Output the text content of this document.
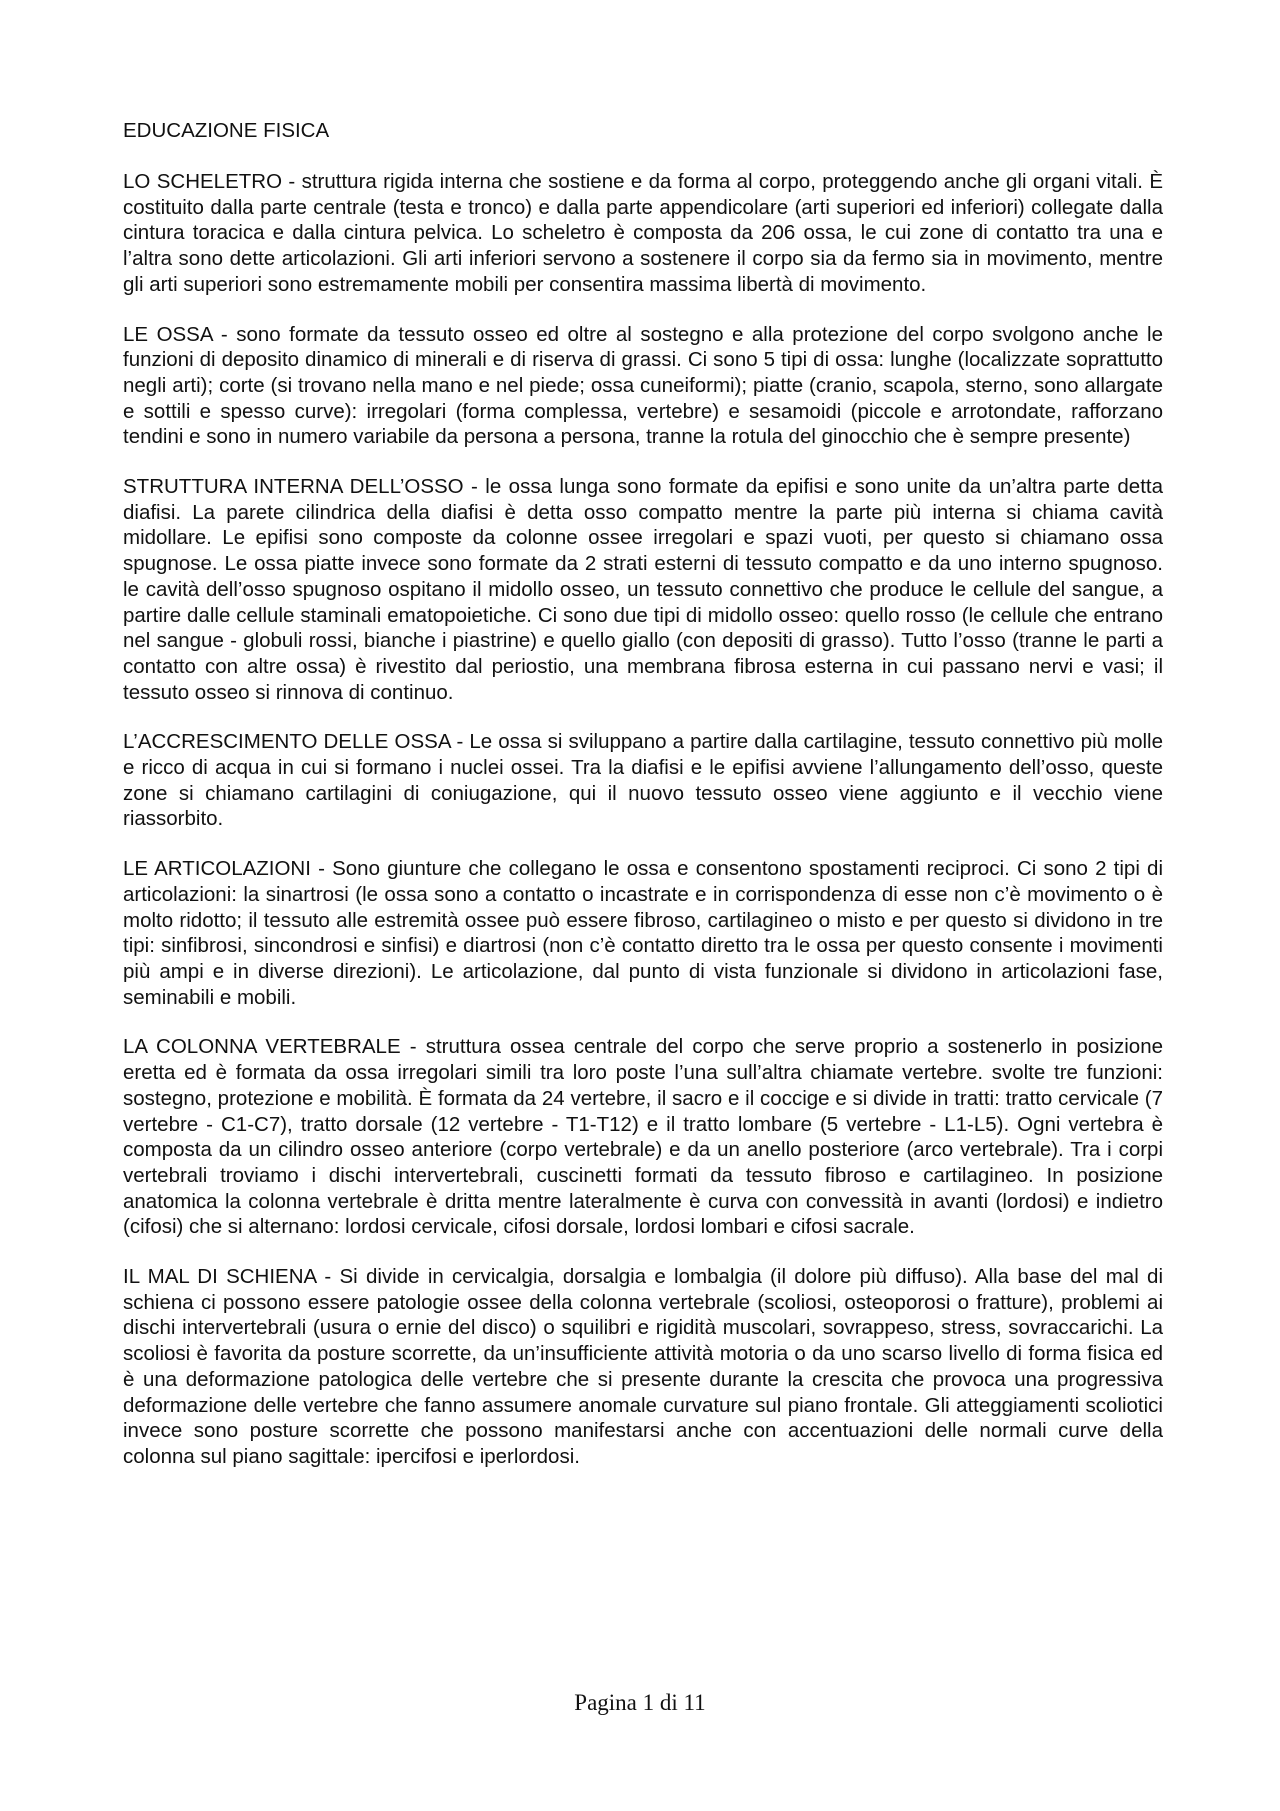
EDUCAZIONE FISICA

LO SCHELETRO - struttura rigida interna che sostiene e da forma al corpo, proteggendo anche gli organi vitali. È costituito dalla parte centrale (testa e tronco) e dalla parte appendicolare (arti superiori ed inferiori) collegate dalla cintura toracica e dalla cintura pelvica. Lo scheletro è composta da 206 ossa, le cui zone di contatto tra una e l’altra sono dette articolazioni. Gli arti inferiori servono a sostenere il corpo sia da fermo sia in movimento, mentre gli arti superiori sono estremamente mobili per consentira massima libertà di movimento.

LE OSSA - sono formate da tessuto osseo ed oltre al sostegno e alla protezione del corpo svolgono anche le funzioni di deposito dinamico di minerali e di riserva di grassi. Ci sono 5 tipi di ossa: lunghe (localizzate soprattutto negli arti); corte (si trovano nella mano e nel piede; ossa cuneiformi); piatte (cranio, scapola, sterno, sono allargate e sottili e spesso curve): irregolari (forma complessa, vertebre) e sesamoidi (piccole e arrotondate, rafforzano tendini e sono in numero variabile da persona a persona, tranne la rotula del ginocchio che è sempre presente)

STRUTTURA INTERNA DELL’OSSO - le ossa lunga sono formate da epifisi e sono unite da un’altra parte detta diafisi. La parete cilindrica della diafisi è detta osso compatto mentre la parte più interna si chiama cavità midollare. Le epifisi sono composte da colonne ossee irregolari e spazi vuoti, per questo si chiamano ossa spugnose. Le ossa piatte invece sono formate da 2 strati esterni di tessuto compatto e da uno interno spugnoso. le cavità dell’osso spugnoso ospitano il midollo osseo, un tessuto connettivo che produce le cellule del sangue, a partire dalle cellule staminali ematopoietiche. Ci sono due tipi di midollo osseo: quello rosso (le cellule che entrano nel sangue - globuli rossi, bianche i piastrine) e quello giallo (con depositi di grasso). Tutto l’osso (tranne le parti a contatto con altre ossa) è rivestito dal periostio, una membrana fibrosa esterna in cui passano nervi e vasi; il tessuto osseo si rinnova di continuo.

L’ACCRESCIMENTO DELLE OSSA - Le ossa si sviluppano a partire dalla cartilagine, tessuto connettivo più molle e ricco di acqua in cui si formano i nuclei ossei. Tra la diafisi e le epifisi avviene l’allungamento dell’osso, queste zone si chiamano cartilagini di coniugazione, qui il nuovo tessuto osseo viene aggiunto e il vecchio viene riassorbito.

LE ARTICOLAZIONI - Sono giunture che collegano le ossa e consentono spostamenti reciproci. Ci sono 2 tipi di articolazioni: la sinartrosi (le ossa sono a contatto o incastrate e in corrispondenza di esse non c’è movimento o è molto ridotto; il tessuto alle estremità ossee può essere fibroso, cartilagineo o misto e per questo si dividono in tre tipi: sinfibrosi, sincondrosi e sinfisi) e diartrosi (non c’è contatto diretto tra le ossa per questo consente i movimenti più ampi e in diverse direzioni). Le articolazione, dal punto di vista funzionale si dividono in articolazioni fase, seminabili e mobili.

LA COLONNA VERTEBRALE - struttura ossea centrale del corpo che serve proprio a sostenerlo in posizione eretta ed è formata da ossa irregolari simili tra loro poste l’una sull’altra chiamate vertebre. svolte tre funzioni: sostegno, protezione e mobilità. È formata da 24 vertebre, il sacro e il coccige e si divide in tratti: tratto cervicale (7 vertebre - C1-C7), tratto dorsale (12 vertebre - T1-T12) e il tratto lombare (5 vertebre - L1-L5). Ogni vertebra è composta da un cilindro osseo anteriore (corpo vertebrale) e da un anello posteriore (arco vertebrale). Tra i corpi vertebrali troviamo i dischi intervertebrali, cuscinetti formati da tessuto fibroso e cartilagineo. In posizione anatomica la colonna vertebrale è dritta mentre lateralmente è curva con convessità in avanti (lordosi) e indietro (cifosi) che si alternano: lordosi cervicale, cifosi dorsale, lordosi lombari e cifosi sacrale.

IL MAL DI SCHIENA - Si divide in cervicalgia, dorsalgia e lombalgia (il dolore più diffuso). Alla base del mal di schiena ci possono essere patologie ossee della colonna vertebrale (scoliosi, osteoporosi o fratture), problemi ai dischi intervertebrali (usura o ernie del disco) o squilibri e rigidità muscolari, sovrappeso, stress, sovraccarichi. La scoliosi è favorita da posture scorrette, da un’insufficiente attività motoria o da uno scarso livello di forma fisica ed è una deformazione patologica delle vertebre che si presente durante la crescita che provoca una progressiva deformazione delle vertebre che fanno assumere anomale curvature sul piano frontale. Gli atteggiamenti scoliotici invece sono posture scorrette che possono manifestarsi anche con accentuazioni delle normali curve della colonna sul piano sagittale: ipercifosi e iperlordosi.

Pagina 1 di 11
